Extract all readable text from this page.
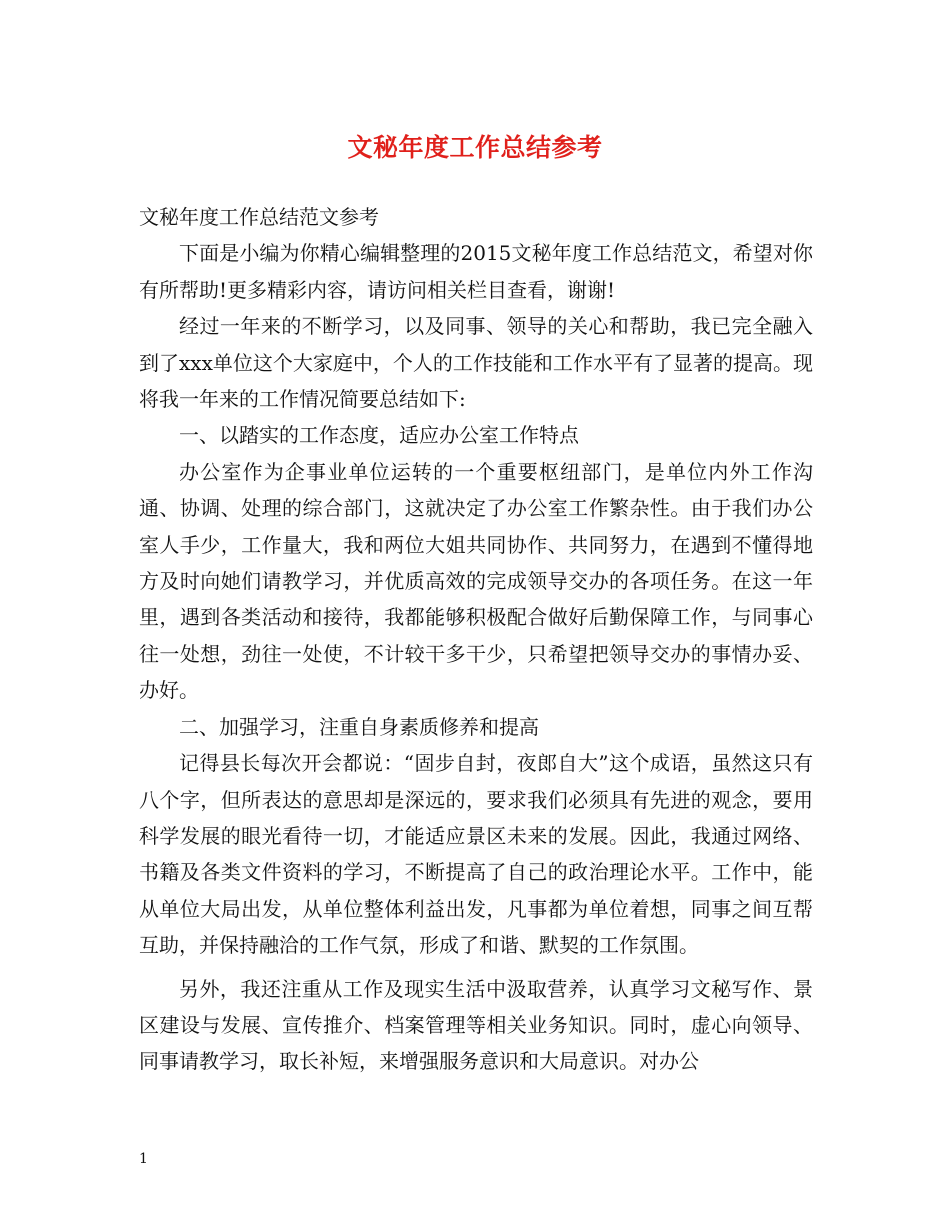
文秘年度工作总结参考

文秘年度工作总结范文参考

下面是小编为你精心编辑整理的2015文秘年度工作总结范文，希望对你有所帮助!更多精彩内容，请访问相关栏目查看，谢谢!

经过一年来的不断学习，以及同事、领导的关心和帮助，我已完全融入到了xxx单位这个大家庭中，个人的工作技能和工作水平有了显著的提高。现将我一年来的工作情况简要总结如下:

一、以踏实的工作态度，适应办公室工作特点

办公室作为企事业单位运转的一个重要枢纽部门，是单位内外工作沟通、协调、处理的综合部门，这就决定了办公室工作繁杂性。由于我们办公室人手少，工作量大，我和两位大姐共同协作、共同努力，在遇到不懂得地方及时向她们请教学习，并优质高效的完成领导交办的各项任务。在这一年里，遇到各类活动和接待，我都能够积极配合做好后勤保障工作，与同事心往一处想，劲往一处使，不计较干多干少，只希望把领导交办的事情办妥、办好。

二、加强学习，注重自身素质修养和提高

记得县长每次开会都说：“固步自封，夜郎自大”这个成语，虽然这只有八个字，但所表达的意思却是深远的，要求我们必须具有先进的观念，要用科学发展的眼光看待一切，才能适应景区未来的发展。因此，我通过网络、书籍及各类文件资料的学习，不断提高了自己的政治理论水平。工作中，能从单位大局出发，从单位整体利益出发，凡事都为单位着想，同事之间互帮互助，并保持融洽的工作气氛，形成了和谐、默契的工作氛围。

另外，我还注重从工作及现实生活中汲取营养，认真学习文秘写作、景区建设与发展、宣传推介、档案管理等相关业务知识。同时，虚心向领导、同事请教学习，取长补短，来增强服务意识和大局意识。对办公

1
